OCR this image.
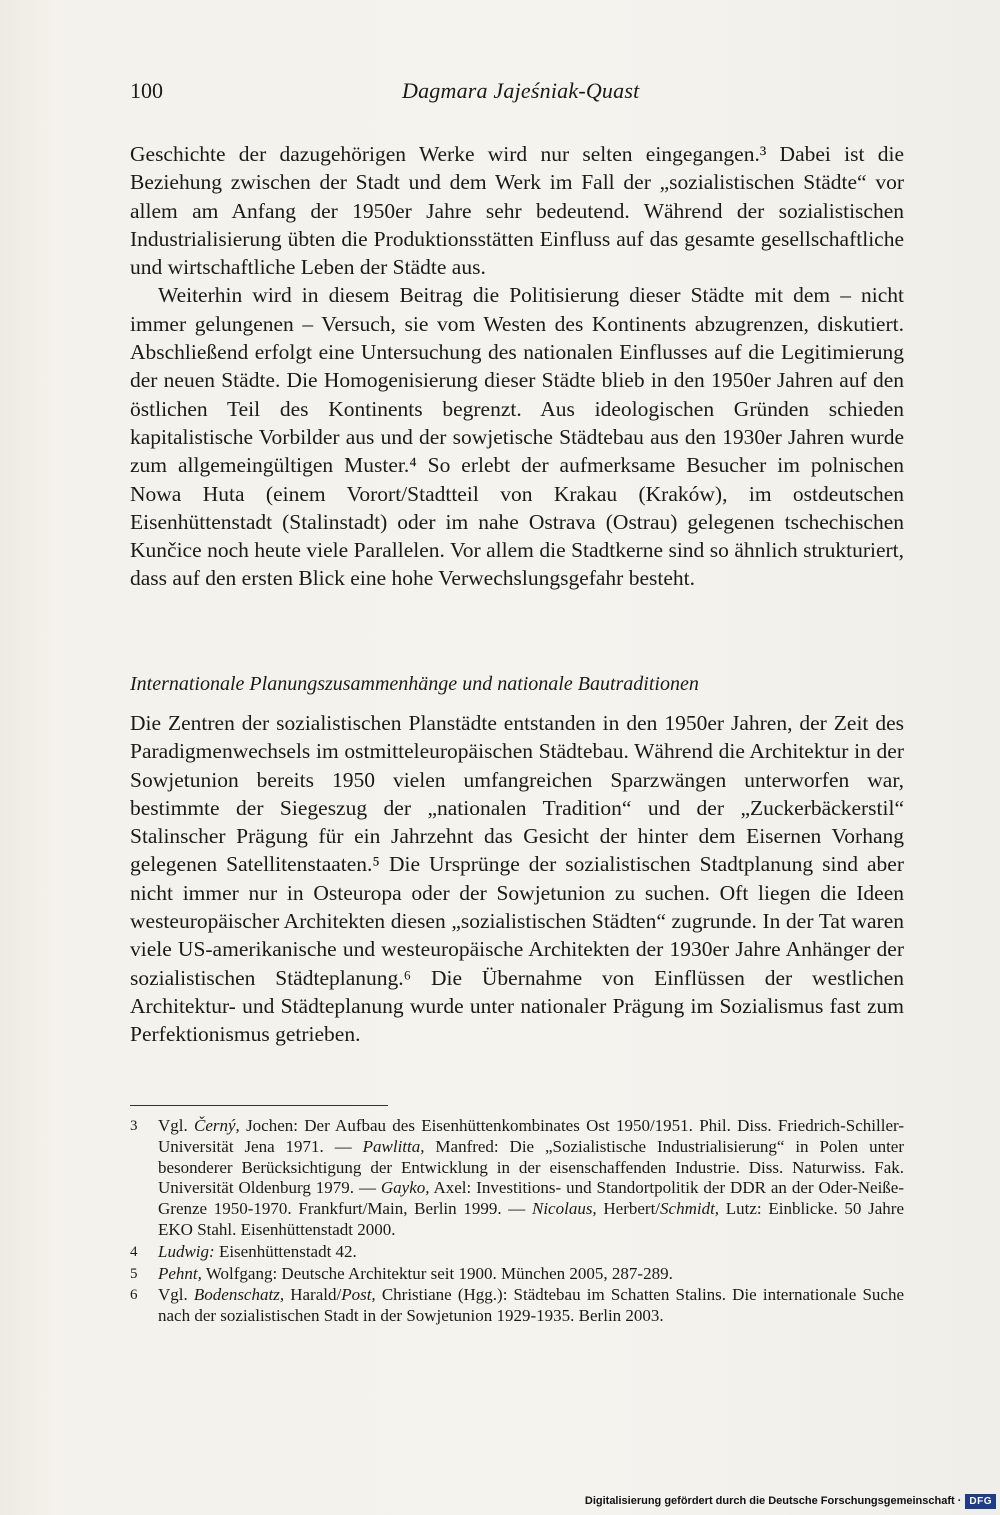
100	Dagmara Jajeśniak-Quast

Geschichte der dazugehörigen Werke wird nur selten eingegangen.³ Dabei ist die Beziehung zwischen der Stadt und dem Werk im Fall der „sozialistischen Städte“ vor allem am Anfang der 1950er Jahre sehr bedeutend. Während der sozialistischen Industrialisierung übten die Produktionsstätten Einfluss auf das gesamte gesellschaftliche und wirtschaftliche Leben der Städte aus.

Weiterhin wird in diesem Beitrag die Politisierung dieser Städte mit dem – nicht immer gelungenen – Versuch, sie vom Westen des Kontinents abzugrenzen, diskutiert. Abschließend erfolgt eine Untersuchung des nationalen Einflusses auf die Legitimierung der neuen Städte. Die Homogenisierung dieser Städte blieb in den 1950er Jahren auf den östlichen Teil des Kontinents begrenzt. Aus ideologischen Gründen schieden kapitalistische Vorbilder aus und der sowjetische Städtebau aus den 1930er Jahren wurde zum allgemeingültigen Muster.⁴ So erlebt der aufmerksame Besucher im polnischen Nowa Huta (einem Vorort/Stadtteil von Krakau (Kraków), im ostdeutschen Eisenhüttenstadt (Stalinstadt) oder im nahe Ostrava (Ostrau) gelegenen tschechischen Kunčice noch heute viele Parallelen. Vor allem die Stadtkerne sind so ähnlich strukturiert, dass auf den ersten Blick eine hohe Verwechslungsgefahr besteht.

Internationale Planungszusammenhänge und nationale Bautraditionen

Die Zentren der sozialistischen Planstädte entstanden in den 1950er Jahren, der Zeit des Paradigmenwechsels im ostmitteleuropäischen Städtebau. Während die Architektur in der Sowjetunion bereits 1950 vielen umfangreichen Sparzwängen unterworfen war, bestimmte der Siegeszug der „nationalen Tradition“ und der „Zuckerbäckerstil“ Stalinscher Prägung für ein Jahrzehnt das Gesicht der hinter dem Eisernen Vorhang gelegenen Satellitenstaaten.⁵ Die Ursprünge der sozialistischen Stadtplanung sind aber nicht immer nur in Osteuropa oder der Sowjetunion zu suchen. Oft liegen die Ideen westeuropäischer Architekten diesen „sozialistischen Städten“ zugrunde. In der Tat waren viele US-amerikanische und westeuropäische Architekten der 1930er Jahre Anhänger der sozialistischen Städteplanung.⁶ Die Übernahme von Einflüssen der westlichen Architektur- und Städteplanung wurde unter nationaler Prägung im Sozialismus fast zum Perfektionismus getrieben.

3	Vgl. Černý, Jochen: Der Aufbau des Eisenhüttenkombinates Ost 1950/1951. Phil. Diss. Friedrich-Schiller-Universität Jena 1971. — Pawlitta, Manfred: Die „Sozialistische Industrialisierung“ in Polen unter besonderer Berücksichtigung der Entwicklung in der eisenschaffenden Industrie. Diss. Naturwiss. Fak. Universität Oldenburg 1979. — Gayko, Axel: Investitions- und Standortpolitik der DDR an der Oder-Neiße-Grenze 1950-1970. Frankfurt/Main, Berlin 1999. — Nicolaus, Herbert/Schmidt, Lutz: Einblicke. 50 Jahre EKO Stahl. Eisenhüttenstadt 2000.
4	Ludwig: Eisenhüttenstadt 42.
5	Pehnt, Wolfgang: Deutsche Architektur seit 1900. München 2005, 287-289.
6	Vgl. Bodenschatz, Harald/Post, Christiane (Hgg.): Städtebau im Schatten Stalins. Die internationale Suche nach der sozialistischen Stadt in der Sowjetunion 1929-1935. Berlin 2003.
Digitalisierung gefördert durch die Deutsche Forschungsgemeinschaft · DFG
